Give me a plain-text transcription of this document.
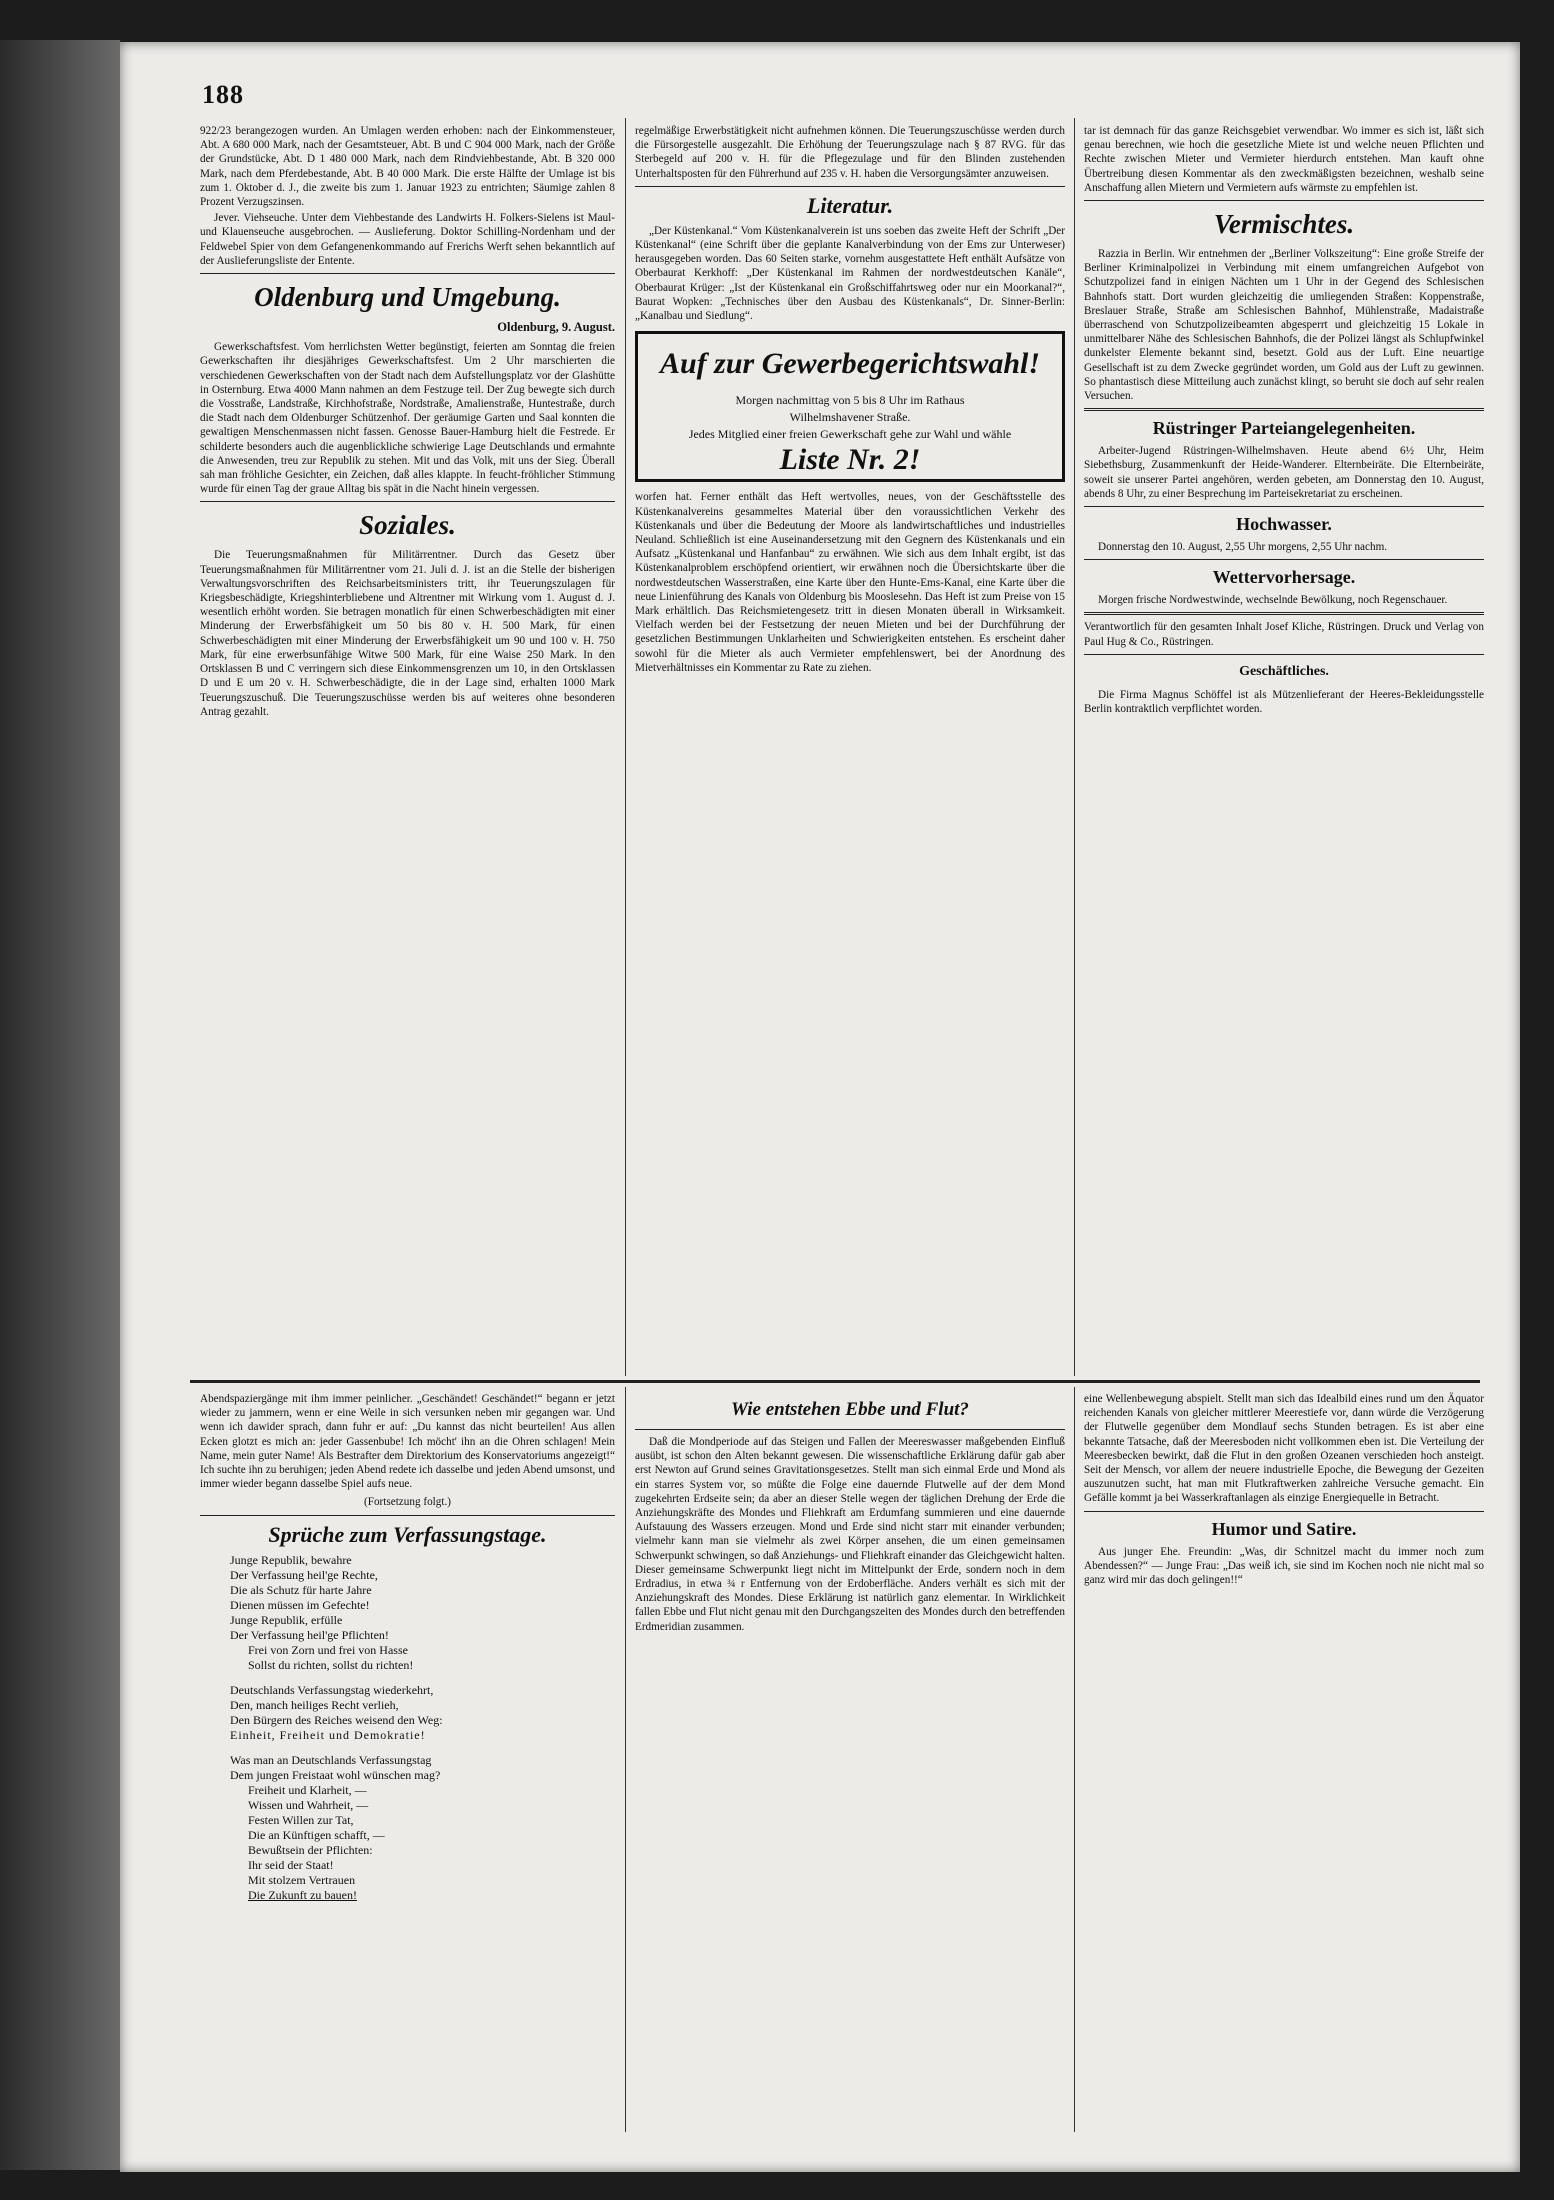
188

922/23 berangezogen wurden. An Umlagen werden erhoben: nach der Einkommensteuer, Abt. A 680 000 Mark, nach der Gesamtsteuer, Abt. B und C 904 000 Mark, nach der Größe der Grundstücke, Abt. D 1 480 000 Mark, nach dem Rindviehbestande, Abt. B 320 000 Mark, nach dem Pferdebestande, Abt. B 40 000 Mark. Die erste Hälfte der Umlage ist bis zum 1. Oktober d. J., die zweite bis zum 1. Januar 1923 zu entrichten; Säumige zahlen 8 Prozent Verzugszinsen.

Jever. Viehseuche. Unter dem Viehbestande des Landwirts H. Folkers-Sielens ist Maul- und Klauenseuche ausgebrochen. — Auslieferung. Doktor Schilling-Nordenham und der Feldwebel Spier von dem Gefangenenkommando auf Frerichs Werft sehen bekanntlich auf der Auslieferungsliste der Entente.

Oldenburg und Umgebung.
Oldenburg, 9. August.

Gewerkschaftsfest. Vom herrlichsten Wetter begünstigt, feierten am Sonntag die freien Gewerkschaften ihr diesjähriges Gewerkschaftsfest. Um 2 Uhr marschierten die verschiedenen Gewerkschaften von der Stadt nach dem Aufstellungsplatz vor der Glashütte in Osternburg. Etwa 4000 Mann nahmen an dem Festzuge teil. Der Zug bewegte sich durch die Vosstraße, Landstraße, Kirchhofstraße, Nordstraße, Amalienstraße, Huntestraße, durch die Stadt nach dem Oldenburger Schützenhof. Der geräumige Garten und Saal konnten die gewaltigen Menschenmassen nicht fassen. Genosse Bauer-Hamburg hielt die Festrede. Er schilderte besonders auch die augenblickliche schwierige Lage Deutschlands und ermahnte die Anwesenden, treu zur Republik zu stehen. Mit und das Volk, mit uns der Sieg. Überall sah man fröhliche Gesichter, ein Zeichen, daß alles klappte. In feucht-fröhlicher Stimmung wurde für einen Tag der graue Alltag bis spät in die Nacht hinein vergessen.

Soziales.

Die Teuerungsmaßnahmen für Militärrentner. Durch das Gesetz über Teuerungsmaßnahmen für Militärrentner vom 21. Juli d. J. ist an die Stelle der bisherigen Verwaltungsvorschriften des Reichsarbeitsministers tritt, ihr Teuerungszulagen für Kriegsbeschädigte, Kriegshinterbliebene und Altrentner mit Wirkung vom 1. August d. J. wesentlich erhöht worden. Sie betragen monatlich für einen Schwerbeschädigten mit einer Minderung der Erwerbsfähigkeit um 50 bis 80 v. H. 500 Mark, für einen Schwerbeschädigten mit einer Minderung der Erwerbsfähigkeit um 90 und 100 v. H. 750 Mark, für eine erwerbsunfähige Witwe 500 Mark, für eine Waise 250 Mark. In den Ortsklassen B und C verringern sich diese Einkommensgrenzen um 10, in den Ortsklassen D und E um 20 v. H. Schwerbeschädigte, die in der Lage sind, erhalten 1000 Mark Teuerungszuschuß. Die Teuerungszuschüsse werden bis auf weiteres ohne besonderen Antrag gezahlt.

regelmäßige Erwerbstätigkeit nicht aufnehmen können. Die Teuerungszuschüsse werden durch die Fürsorgestelle ausgezahlt. Die Erhöhung der Teuerungszulage nach § 87 RVG. für das Sterbegeld auf 200 v. H. für die Pflegezulage und für den Blinden zustehenden Unterhaltsposten für den Führerhund auf 235 v. H. haben die Versorgungsämter anzuweisen.

Literatur.

„Der Küstenkanal.“ Vom Küstenkanalverein ist uns soeben das zweite Heft der Schrift „Der Küstenkanal“ (eine Schrift über die geplante Kanalverbindung von der Ems zur Unterweser) herausgegeben worden. Das 60 Seiten starke, vornehm ausgestattete Heft enthält Aufsätze von Oberbaurat Kerkhoff: „Der Küstenkanal im Rahmen der nordwestdeutschen Kanäle“, Oberbaurat Krüger: „Ist der Küstenkanal ein Großschiffahrtsweg oder nur ein Moorkanal?“, Baurat Wopken: „Technisches über den Ausbau des Küstenkanals“, Dr. Sinner-Berlin: „Kanalbau und Siedlung“.

Auf zur Gewerbegerichtswahl!
Morgen nachmittag von 5 bis 8 Uhr im Rathaus
Wilhelmshavener Straße.
Jedes Mitglied einer freien Gewerkschaft gehe zur Wahl und wähle
Liste Nr. 2!

worfen hat. Ferner enthält das Heft wertvolles, neues, von der Geschäftsstelle des Küstenkanalvereins gesammeltes Material über den voraussichtlichen Verkehr des Küstenkanals und über die Bedeutung der Moore als landwirtschaftliches und industrielles Neuland. Schließlich ist eine Auseinandersetzung mit den Gegnern des Küstenkanals und ein Aufsatz „Küstenkanal und Hanfanbau“ zu erwähnen. Wie sich aus dem Inhalt ergibt, ist das Küstenkanalproblem erschöpfend orientiert, wir erwähnen noch die Übersichtskarte über die nordwestdeutschen Wasserstraßen, eine Karte über den Hunte-Ems-Kanal, eine Karte über die neue Linienführung des Kanals von Oldenburg bis Mooslesehn. Das Heft ist zum Preise von 15 Mark erhältlich. Das Reichsmietengesetz tritt in diesen Monaten überall in Wirksamkeit. Vielfach werden bei der Festsetzung der neuen Mieten und bei der Durchführung der gesetzlichen Bestimmungen Unklarheiten und Schwierigkeiten entstehen. Es erscheint daher sowohl für die Mieter als auch Vermieter empfehlenswert, bei der Anordnung des Mietverhältnisses ein Kommentar zu Rate zu ziehen.

tar ist demnach für das ganze Reichsgebiet verwendbar. Wo immer es sich ist, läßt sich genau berechnen, wie hoch die gesetzliche Miete ist und welche neuen Pflichten und Rechte zwischen Mieter und Vermieter hierdurch entstehen. Man kauft ohne Übertreibung diesen Kommentar als den zweckmäßigsten bezeichnen, weshalb seine Anschaffung allen Mietern und Vermietern aufs wärmste zu empfehlen ist.

Vermischtes.

Razzia in Berlin. Wir entnehmen der „Berliner Volkszeitung“: Eine große Streife der Berliner Kriminalpolizei in Verbindung mit einem umfangreichen Aufgebot von Schutzpolizei fand in einigen Nächten um 1 Uhr in der Gegend des Schlesischen Bahnhofs statt. Dort wurden gleichzeitig die umliegenden Straßen: Koppenstraße, Breslauer Straße, Straße am Schlesischen Bahnhof, Mühlenstraße, Madaistraße überraschend von Schutzpolizeibeamten abgesperrt und gleichzeitig 15 Lokale in unmittelbarer Nähe des Schlesischen Bahnhofs, die der Polizei längst als Schlupfwinkel dunkelster Elemente bekannt sind, besetzt. Gold aus der Luft. Eine neuartige Gesellschaft ist zu dem Zwecke gegründet worden, um Gold aus der Luft zu gewinnen. So phantastisch diese Mitteilung auch zunächst klingt, so beruht sie doch auf sehr realen Versuchen.

Rüstringer Parteiangelegenheiten.

Arbeiter-Jugend Rüstringen-Wilhelmshaven. Heute abend 6½ Uhr, Heim Siebethsburg, Zusammenkunft der Heide-Wanderer. Elternbeiräte. Die Elternbeiräte, soweit sie unserer Partei angehören, werden gebeten, am Donnerstag den 10. August, abends 8 Uhr, zu einer Besprechung im Parteisekretariat zu erscheinen.

Hochwasser.

Donnerstag den 10. August, 2,55 Uhr morgens, 2,55 Uhr nachm.

Wettervorhersage.

Morgen frische Nordwestwinde, wechselnde Bewölkung, noch Regenschauer.

Verantwortlich für den gesamten Inhalt Josef Kliche, Rüstringen. Druck und Verlag von Paul Hug & Co., Rüstringen.

Geschäftliches.

Die Firma Magnus Schöffel ist als Mützenlieferant der Heeres-Bekleidungsstelle Berlin kontraktlich verpflichtet worden.

Abendspaziergänge mit ihm immer peinlicher. „Geschändet! Geschändet!“ begann er jetzt wieder zu jammern, wenn er eine Weile in sich versunken neben mir gegangen war. Und wenn ich dawider sprach, dann fuhr er auf: „Du kannst das nicht beurteilen! Aus allen Ecken glotzt es mich an: jeder Gassenbube! Ich möcht' ihn an die Ohren schlagen! Mein Name, mein guter Name! Als Bestrafter dem Direktorium des Konservatoriums angezeigt!“ Ich suchte ihn zu beruhigen; jeden Abend redete ich dasselbe und jeden Abend umsonst, und immer wieder begann dasselbe Spiel aufs neue.

(Fortsetzung folgt.)
Sprüche zum Verfassungstage.
Junge Republik, bewahre
Der Verfassung heil'ge Rechte,
Die als Schutz für harte Jahre
Dienen müssen im Gefechte!
Junge Republik, erfülle
Der Verfassung heil'ge Pflichten!
Frei von Zorn und frei von Hasse
Sollst du richten, sollst du richten!
Deutschlands Verfassungstag wiederkehrt,
Den, manch heiliges Recht verlieh,
Den Bürgern des Reiches weisend den Weg:
Einheit, Freiheit und Demokratie!
Was man an Deutschlands Verfassungstag
Dem jungen Freistaat wohl wünschen mag?
Freiheit und Klarheit, —
Wissen und Wahrheit, —
Festen Willen zur Tat,
Die an Künftigen schafft, —
Bewußtsein der Pflichten:
Ihr seid der Staat!
Mit stolzem Vertrauen
Die Zukunft zu bauen!
Wie entstehen Ebbe und Flut?

Daß die Mondperiode auf das Steigen und Fallen der Meereswasser maßgebenden Einfluß ausübt, ist schon den Alten bekannt gewesen. Die wissenschaftliche Erklärung dafür gab aber erst Newton auf Grund seines Gravitationsgesetzes. Stellt man sich einmal Erde und Mond als ein starres System vor, so müßte die Folge eine dauernde Flutwelle auf der dem Mond zugekehrten Erdseite sein; da aber an dieser Stelle wegen der täglichen Drehung der Erde die Anziehungskräfte des Mondes und Fliehkraft am Erdumfang summieren und eine dauernde Aufstauung des Wassers erzeugen. Mond und Erde sind nicht starr mit einander verbunden; vielmehr kann man sie vielmehr als zwei Körper ansehen, die um einen gemeinsamen Schwerpunkt schwingen, so daß Anziehungs- und Fliehkraft einander das Gleichgewicht halten. Dieser gemeinsame Schwerpunkt liegt nicht im Mittelpunkt der Erde, sondern noch in dem Erdradius, in etwa ¾ r Entfernung von der Erdoberfläche. Anders verhält es sich mit der Anziehungskraft des Mondes. Diese Erklärung ist natürlich ganz elementar. In Wirklichkeit fallen Ebbe und Flut nicht genau mit den Durchgangszeiten des Mondes durch den betreffenden Erdmeridian zusammen.

eine Wellenbewegung abspielt. Stellt man sich das Idealbild eines rund um den Äquator reichenden Kanals von gleicher mittlerer Meerestiefe vor, dann würde die Verzögerung der Flutwelle gegenüber dem Mondlauf sechs Stunden betragen. Es ist aber eine bekannte Tatsache, daß der Meeresboden nicht vollkommen eben ist. Die Verteilung der Meeresbecken bewirkt, daß die Flut in den großen Ozeanen verschieden hoch ansteigt. Seit der Mensch, vor allem der neuere industrielle Epoche, die Bewegung der Gezeiten auszunutzen sucht, hat man mit Flutkraftwerken zahlreiche Versuche gemacht. Ein Gefälle kommt ja bei Wasserkraftanlagen als einzige Energiequelle in Betracht.

Humor und Satire.

Aus junger Ehe. Freundin: „Was, dir Schnitzel macht du immer noch zum Abendessen?“ — Junge Frau: „Das weiß ich, sie sind im Kochen noch nie nicht mal so ganz wird mir das doch gelingen!!“
